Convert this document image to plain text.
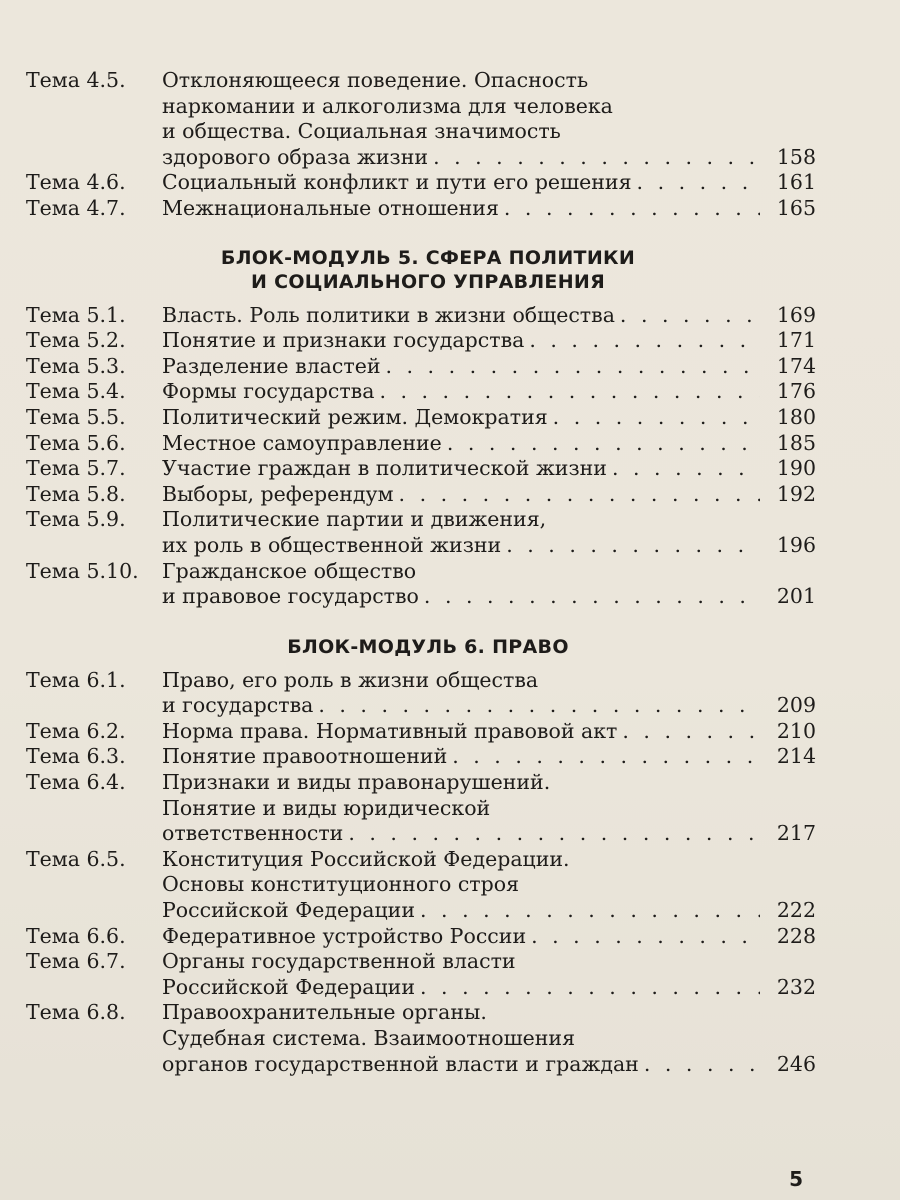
Тема 4.5.	Отклоняющееся поведение. Опасность
наркомании и алкоголизма для человека
и общества. Социальная значимость
здорового образа жизни . . .	158
Тема 4.6.	Социальный конфликт и пути его решения . . .	161
Тема 4.7.	Межнациональные отношения . . .	165
БЛОК-МОДУЛЬ 5. СФЕРА ПОЛИТИКИ
И СОЦИАЛЬНОГО УПРАВЛЕНИЯ
Тема 5.1.	Власть. Роль политики в жизни общества . . .	169
Тема 5.2.	Понятие и признаки государства . . .	171
Тема 5.3.	Разделение властей . . .	174
Тема 5.4.	Формы государства . . .	176
Тема 5.5.	Политический режим. Демократия . . .	180
Тема 5.6.	Местное самоуправление . . .	185
Тема 5.7.	Участие граждан в политической жизни . . .	190
Тема 5.8.	Выборы, референдум . . .	192
Тема 5.9.	Политические партии и движения,
их роль в общественной жизни . . .	196
Тема 5.10.	Гражданское общество
и правовое государство . . .	201
БЛОК-МОДУЛЬ 6. ПРАВО
Тема 6.1.	Право, его роль в жизни общества
и государства . . .	209
Тема 6.2.	Норма права. Нормативный правовой акт . . .	210
Тема 6.3.	Понятие правоотношений . . .	214
Тема 6.4.	Признаки и виды правонарушений.
Понятие и виды юридической
ответственности . . .	217
Тема 6.5.	Конституция Российской Федерации.
Основы конституционного строя
Российской Федерации . . .	222
Тема 6.6.	Федеративное устройство России . . .	228
Тема 6.7.	Органы государственной власти
Российской Федерации . . .	232
Тема 6.8.	Правоохранительные органы.
Судебная система. Взаимоотношения
органов государственной власти и граждан . . .	246
5
